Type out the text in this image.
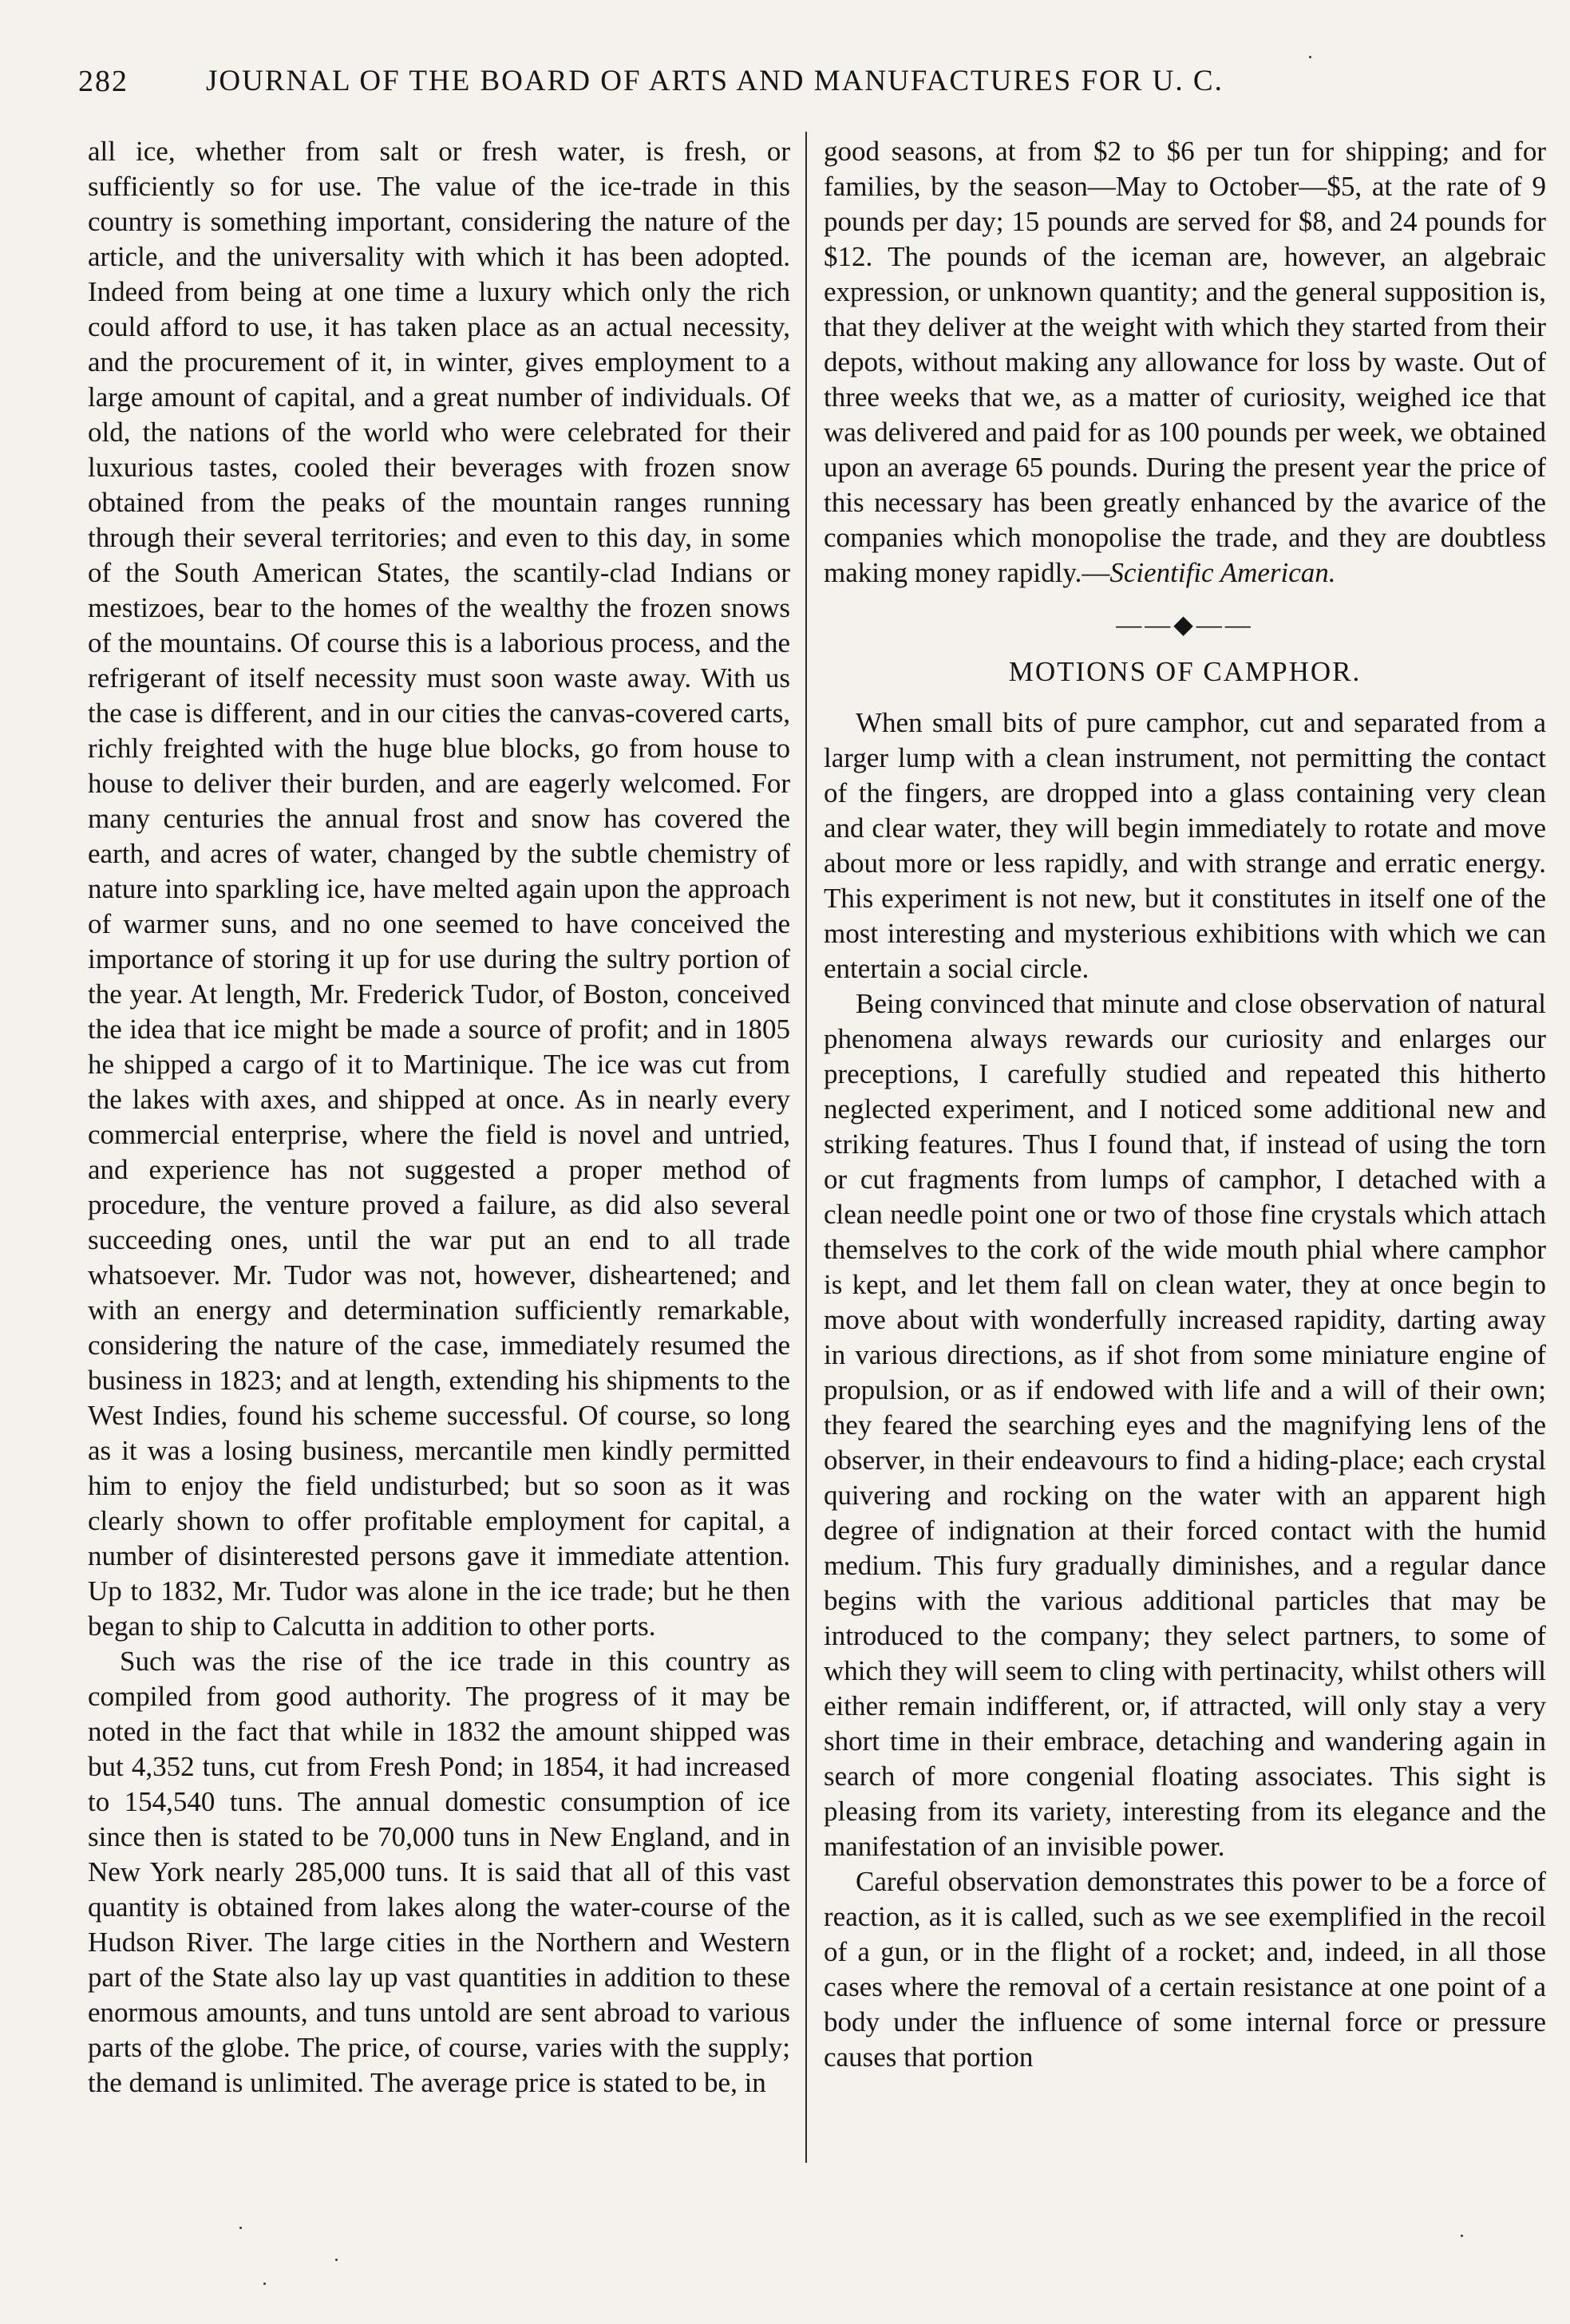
282	JOURNAL OF THE BOARD OF ARTS AND MANUFACTURES FOR U. C.

all ice, whether from salt or fresh water, is fresh, or sufficiently so for use. The value of the ice-trade in this country is something important, considering the nature of the article, and the universality with which it has been adopted. Indeed from being at one time a luxury which only the rich could afford to use, it has taken place as an actual necessity, and the procurement of it, in winter, gives employment to a large amount of capital, and a great number of individuals. Of old, the nations of the world who were celebrated for their luxurious tastes, cooled their beverages with frozen snow obtained from the peaks of the mountain ranges running through their several territories; and even to this day, in some of the South American States, the scantily-clad Indians or mestizoes, bear to the homes of the wealthy the frozen snows of the mountains. Of course this is a laborious process, and the refrigerant of itself necessity must soon waste away. With us the case is different, and in our cities the canvas-covered carts, richly freighted with the huge blue blocks, go from house to house to deliver their burden, and are eagerly welcomed. For many centuries the annual frost and snow has covered the earth, and acres of water, changed by the subtle chemistry of nature into sparkling ice, have melted again upon the approach of warmer suns, and no one seemed to have conceived the importance of storing it up for use during the sultry portion of the year. At length, Mr. Frederick Tudor, of Boston, conceived the idea that ice might be made a source of profit; and in 1805 he shipped a cargo of it to Martinique. The ice was cut from the lakes with axes, and shipped at once. As in nearly every commercial enterprise, where the field is novel and untried, and experience has not suggested a proper method of procedure, the venture proved a failure, as did also several succeeding ones, until the war put an end to all trade whatsoever. Mr. Tudor was not, however, disheartened; and with an energy and determination sufficiently remarkable, considering the nature of the case, immediately resumed the business in 1823; and at length, extending his shipments to the West Indies, found his scheme successful. Of course, so long as it was a losing business, mercantile men kindly permitted him to enjoy the field undisturbed; but so soon as it was clearly shown to offer profitable employment for capital, a number of disinterested persons gave it immediate attention. Up to 1832, Mr. Tudor was alone in the ice trade; but he then began to ship to Calcutta in addition to other ports.

Such was the rise of the ice trade in this country as compiled from good authority. The progress of it may be noted in the fact that while in 1832 the amount shipped was but 4,352 tuns, cut from Fresh Pond; in 1854, it had increased to 154,540 tuns. The annual domestic consumption of ice since then is stated to be 70,000 tuns in New England, and in New York nearly 285,000 tuns. It is said that all of this vast quantity is obtained from lakes along the water-course of the Hudson River. The large cities in the Northern and Western part of the State also lay up vast quantities in addition to these enormous amounts, and tuns untold are sent abroad to various parts of the globe. The price, of course, varies with the supply; the demand is unlimited. The average price is stated to be, in

good seasons, at from $2 to $6 per tun for shipping; and for families, by the season—May to October—$5, at the rate of 9 pounds per day; 15 pounds are served for $8, and 24 pounds for $12. The pounds of the iceman are, however, an algebraic expression, or unknown quantity; and the general supposition is, that they deliver at the weight with which they started from their depots, without making any allowance for loss by waste. Out of three weeks that we, as a matter of curiosity, weighed ice that was delivered and paid for as 100 pounds per week, we obtained upon an average 65 pounds. During the present year the price of this necessary has been greatly enhanced by the avarice of the companies which monopolise the trade, and they are doubtless making money rapidly.—Scientific American.

——◆——
MOTIONS OF CAMPHOR.

When small bits of pure camphor, cut and separated from a larger lump with a clean instrument, not permitting the contact of the fingers, are dropped into a glass containing very clean and clear water, they will begin immediately to rotate and move about more or less rapidly, and with strange and erratic energy. This experiment is not new, but it constitutes in itself one of the most interesting and mysterious exhibitions with which we can entertain a social circle.

Being convinced that minute and close observation of natural phenomena always rewards our curiosity and enlarges our preceptions, I carefully studied and repeated this hitherto neglected experiment, and I noticed some additional new and striking features. Thus I found that, if instead of using the torn or cut fragments from lumps of camphor, I detached with a clean needle point one or two of those fine crystals which attach themselves to the cork of the wide mouth phial where camphor is kept, and let them fall on clean water, they at once begin to move about with wonderfully increased rapidity, darting away in various directions, as if shot from some miniature engine of propulsion, or as if endowed with life and a will of their own; they feared the searching eyes and the magnifying lens of the observer, in their endeavours to find a hiding-place; each crystal quivering and rocking on the water with an apparent high degree of indignation at their forced contact with the humid medium. This fury gradually diminishes, and a regular dance begins with the various additional particles that may be introduced to the company; they select partners, to some of which they will seem to cling with pertinacity, whilst others will either remain indifferent, or, if attracted, will only stay a very short time in their embrace, detaching and wandering again in search of more congenial floating associates. This sight is pleasing from its variety, interesting from its elegance and the manifestation of an invisible power.

Careful observation demonstrates this power to be a force of reaction, as it is called, such as we see exemplified in the recoil of a gun, or in the flight of a rocket; and, indeed, in all those cases where the removal of a certain resistance at one point of a body under the influence of some internal force or pressure causes that portion
